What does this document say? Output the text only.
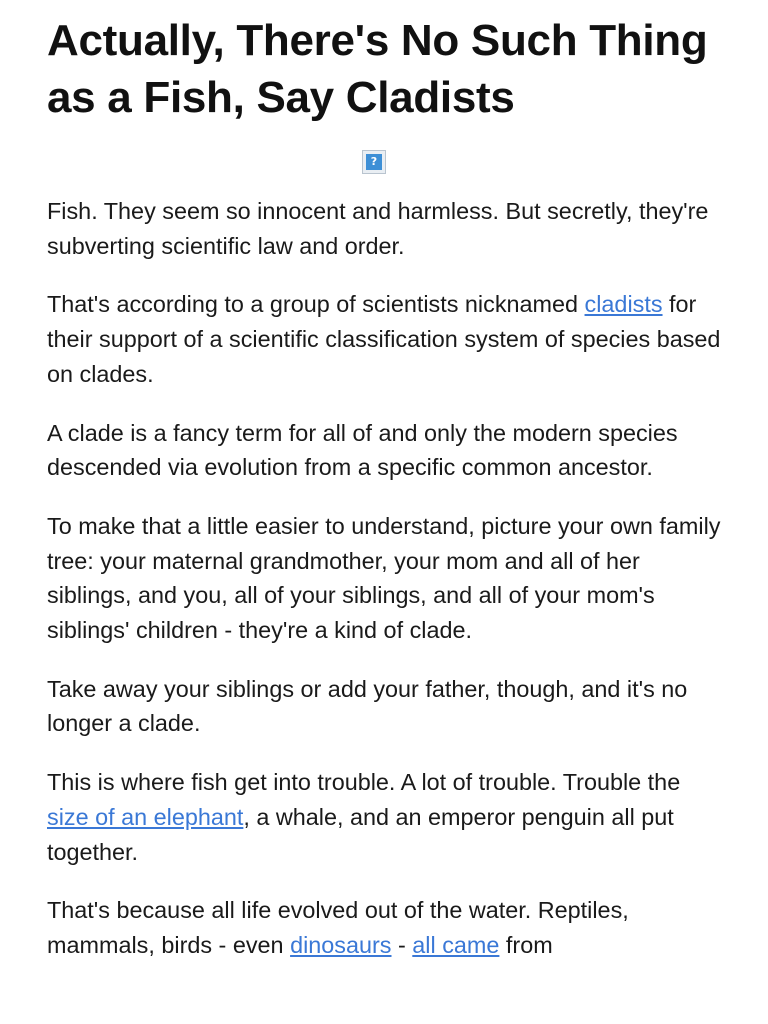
Actually, There's No Such Thing as a Fish, Say Cladists
?

Fish. They seem so innocent and harmless. But secretly, they're subverting scientific law and order.

That's according to a group of scientists nicknamed cladists for their support of a scientific classification system of species based on clades.

A clade is a fancy term for all of and only the modern species descended via evolution from a specific common ancestor.

To make that a little easier to understand, picture your own family tree: your maternal grandmother, your mom and all of her siblings, and you, all of your siblings, and all of your mom's siblings' children - they're a kind of clade.

Take away your siblings or add your father, though, and it's no longer a clade.

This is where fish get into trouble. A lot of trouble. Trouble the size of an elephant, a whale, and an emperor penguin all put together.

That's because all life evolved out of the water. Reptiles, mammals, birds - even dinosaurs - all came from
